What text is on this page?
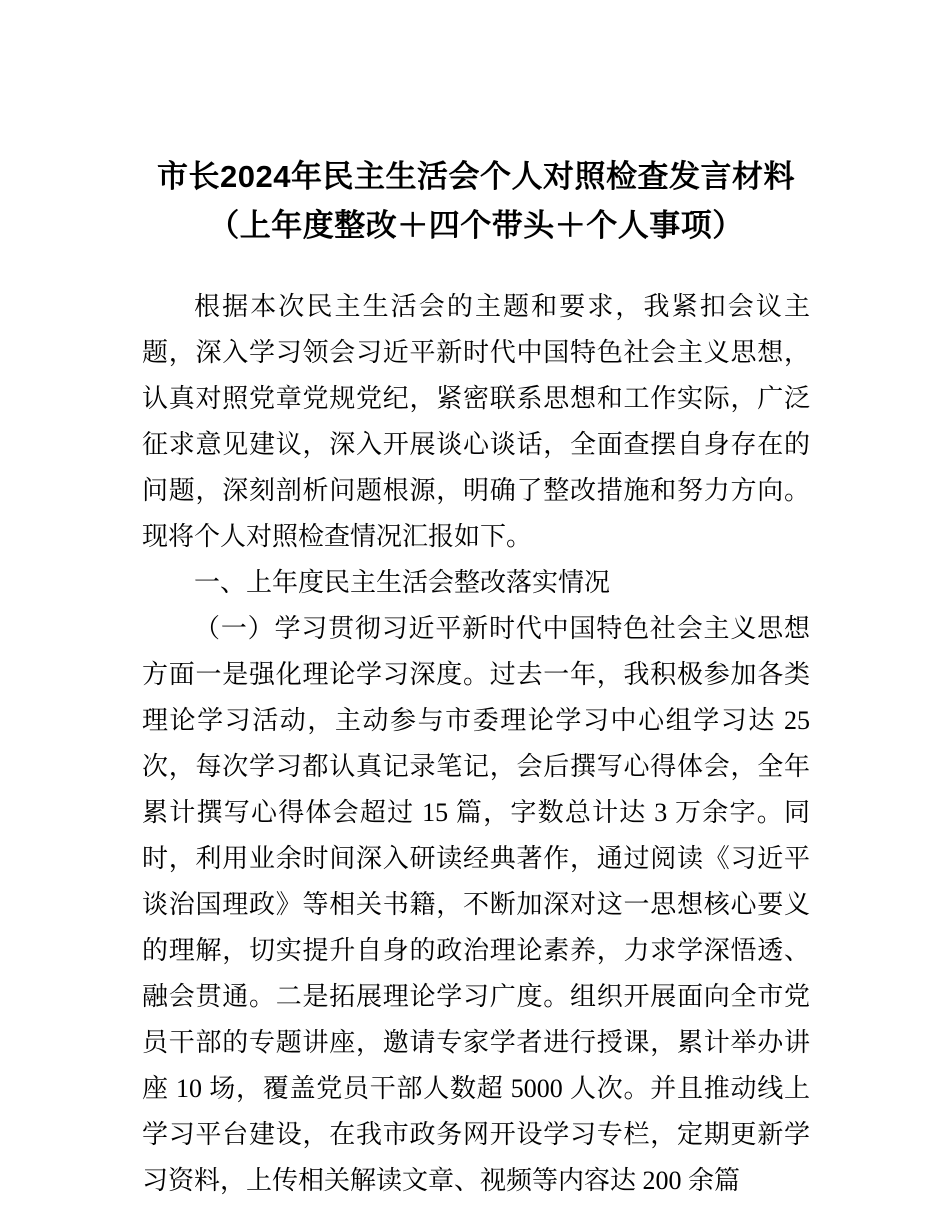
市长2024年民主生活会个人对照检查发言材料
（上年度整改＋四个带头＋个人事项）

根据本次民主生活会的主题和要求，我紧扣会议主题，深入学习领会习近平新时代中国特色社会主义思想，认真对照党章党规党纪，紧密联系思想和工作实际，广泛征求意见建议，深入开展谈心谈话，全面查摆自身存在的问题，深刻剖析问题根源，明确了整改措施和努力方向。现将个人对照检查情况汇报如下。

一、上年度民主生活会整改落实情况

（一）学习贯彻习近平新时代中国特色社会主义思想方面一是强化理论学习深度。过去一年，我积极参加各类理论学习活动，主动参与市委理论学习中心组学习达 25 次，每次学习都认真记录笔记，会后撰写心得体会，全年累计撰写心得体会超过 15 篇，字数总计达 3 万余字。同时，利用业余时间深入研读经典著作，通过阅读《习近平谈治国理政》等相关书籍，不断加深对这一思想核心要义的理解，切实提升自身的政治理论素养，力求学深悟透、融会贯通。二是拓展理论学习广度。组织开展面向全市党员干部的专题讲座，邀请专家学者进行授课，累计举办讲座 10 场，覆盖党员干部人数超 5000 人次。并且推动线上学习平台建设，在我市政务网开设学习专栏，定期更新学习资料，上传相关解读文章、视频等内容达 200 余篇
